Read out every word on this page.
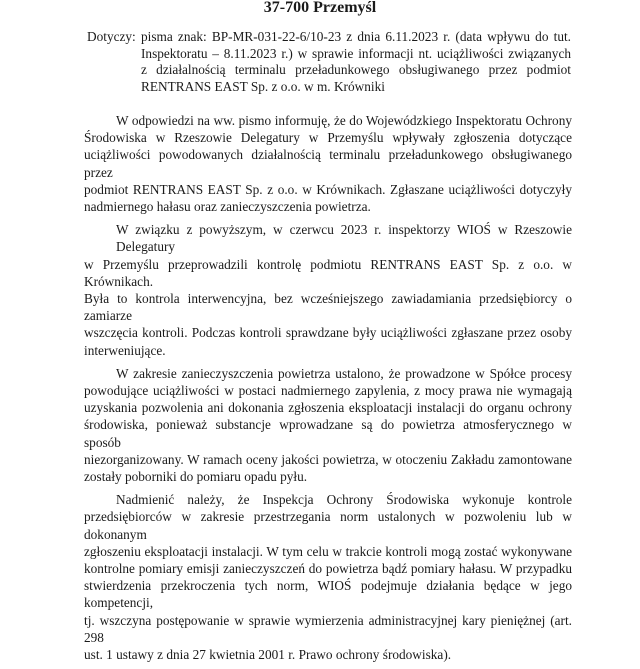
37-700 Przemyśl
Dotyczy: pisma znak: BP-MR-031-22-6/10-23 z dnia 6.11.2023 r. (data wpływu do tut.
Inspektoratu – 8.11.2023 r.) w sprawie informacji nt. uciążliwości związanych
z działalnością terminalu przeładunkowego obsługiwanego przez podmiot
RENTRANS EAST Sp. z o.o. w m. Krówniki
W odpowiedzi na ww. pismo informuję, że do Wojewódzkiego Inspektoratu Ochrony
Środowiska w Rzeszowie Delegatury w Przemyślu wpływały zgłoszenia dotyczące
uciążliwości powodowanych działalnością terminalu przeładunkowego obsługiwanego przez
podmiot RENTRANS EAST Sp. z o.o. w Krównikach. Zgłaszane uciążliwości dotyczyły
nadmiernego hałasu oraz zanieczyszczenia powietrza.
W związku z powyższym, w czerwcu 2023 r. inspektorzy WIOŚ w Rzeszowie Delegatury
w Przemyślu przeprowadzili kontrolę podmiotu RENTRANS EAST Sp. z o.o. w Krównikach.
Była to kontrola interwencyjna, bez wcześniejszego zawiadamiania przedsiębiorcy o zamiarze
wszczęcia kontroli. Podczas kontroli sprawdzane były uciążliwości zgłaszane przez osoby
interweniujące.
W zakresie zanieczyszczenia powietrza ustalono, że prowadzone w Spółce procesy
powodujące uciążliwości w postaci nadmiernego zapylenia, z mocy prawa nie wymagają
uzyskania pozwolenia ani dokonania zgłoszenia eksploatacji instalacji do organu ochrony
środowiska, ponieważ substancje wprowadzane są do powietrza atmosferycznego w sposób
niezorganizowany. W ramach oceny jakości powietrza, w otoczeniu Zakładu zamontowane
zostały poborniki do pomiaru opadu pyłu.
Nadmienić należy, że Inspekcja Ochrony Środowiska wykonuje kontrole
przedsiębiorców w zakresie przestrzegania norm ustalonych w pozwoleniu lub w dokonanym
zgłoszeniu eksploatacji instalacji. W tym celu w trakcie kontroli mogą zostać wykonywane
kontrolne pomiary emisji zanieczyszczeń do powietrza bądź pomiary hałasu. W przypadku
stwierdzenia przekroczenia tych norm, WIOŚ podejmuje działania będące w jego kompetencji,
tj. wszczyna postępowanie w sprawie wymierzenia administracyjnej kary pieniężnej (art. 298
ust. 1 ustawy z dnia 27 kwietnia 2001 r. Prawo ochrony środowiska).
